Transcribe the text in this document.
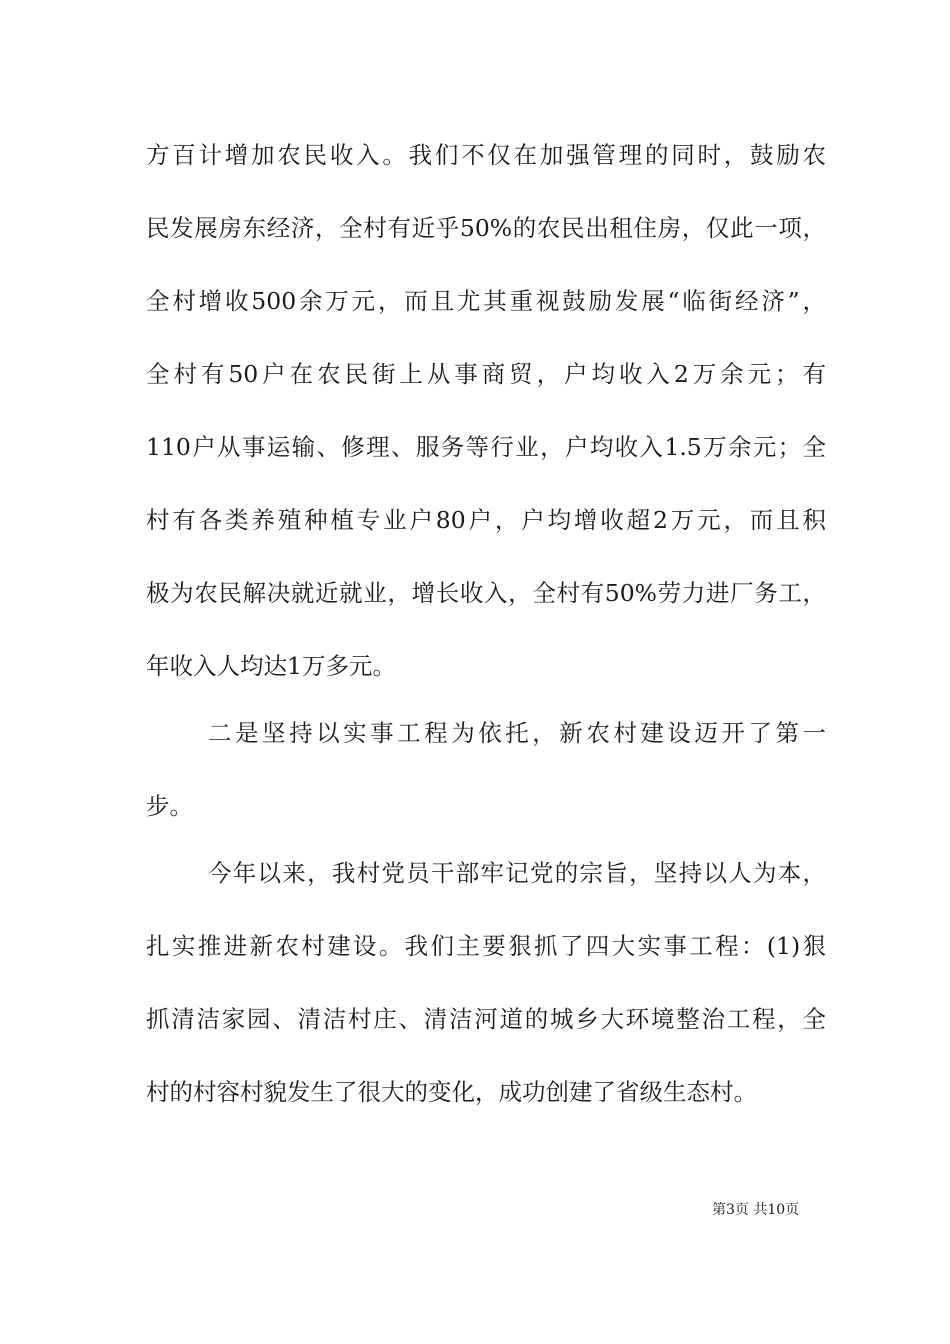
方百计增加农民收入。我们不仅在加强管理的同时，鼓励农
民发展房东经济，全村有近乎50%的农民出租住房，仅此一项，
全村增收500余万元，而且尤其重视鼓励发展“临街经济”，
全村有50户在农民街上从事商贸，户均收入2万余元；有
110户从事运输、修理、服务等行业，户均收入1.5万余元；全
村有各类养殖种植专业户80户，户均增收超2万元，而且积
极为农民解决就近就业，增长收入，全村有50%劳力进厂务工，
年收入人均达1万多元。
二是坚持以实事工程为依托，新农村建设迈开了第一
步。
今年以来，我村党员干部牢记党的宗旨，坚持以人为本，
扎实推进新农村建设。我们主要狠抓了四大实事工程：(1)狠
抓清洁家园、清洁村庄、清洁河道的城乡大环境整治工程，全
村的村容村貌发生了很大的变化，成功创建了省级生态村。
第3页 共10页
